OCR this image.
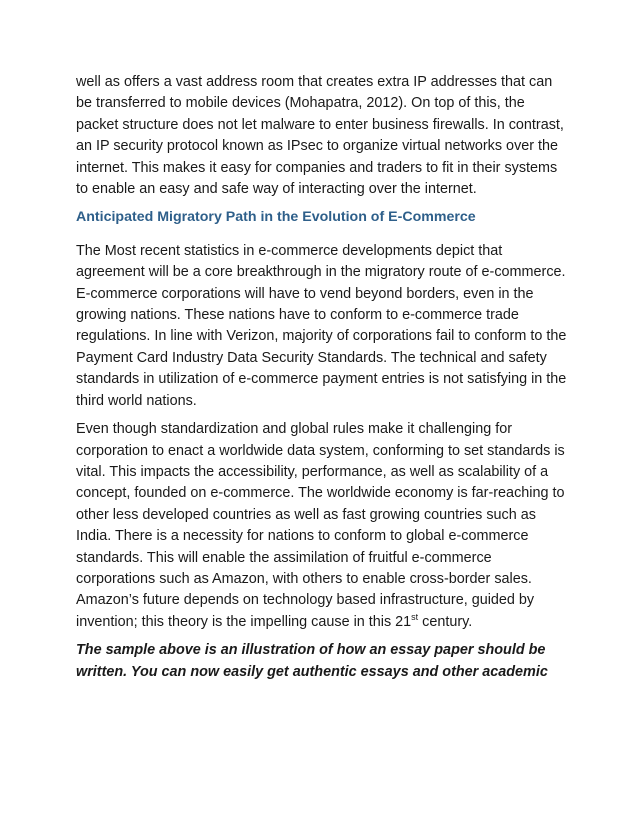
well as offers a vast address room that creates extra IP addresses that can be transferred to mobile devices (Mohapatra, 2012). On top of this, the packet structure does not let malware to enter business firewalls. In contrast, an IP security protocol known as IPsec to organize virtual networks over the internet. This makes it easy for companies and traders to fit in their systems to enable an easy and safe way of interacting over the internet.

Anticipated Migratory Path in the Evolution of E-Commerce

The Most recent statistics in e-commerce developments depict that agreement will be a core breakthrough in the migratory route of e-commerce. E-commerce corporations will have to vend beyond borders, even in the growing nations. These nations have to conform to e-commerce trade regulations. In line with Verizon, majority of corporations fail to conform to the Payment Card Industry Data Security Standards. The technical and safety standards in utilization of e-commerce payment entries is not satisfying in the third world nations.

Even though standardization and global rules make it challenging for corporation to enact a worldwide data system, conforming to set standards is vital. This impacts the accessibility, performance, as well as scalability of a concept, founded on e-commerce. The worldwide economy is far-reaching to other less developed countries as well as fast growing countries such as India. There is a necessity for nations to conform to global e-commerce standards. This will enable the assimilation of fruitful e-commerce corporations such as Amazon, with others to enable cross-border sales. Amazon’s future depends on technology based infrastructure, guided by invention; this theory is the impelling cause in this 21st century.

The sample above is an illustration of how an essay paper should be written. You can now easily get authentic essays and other academic
